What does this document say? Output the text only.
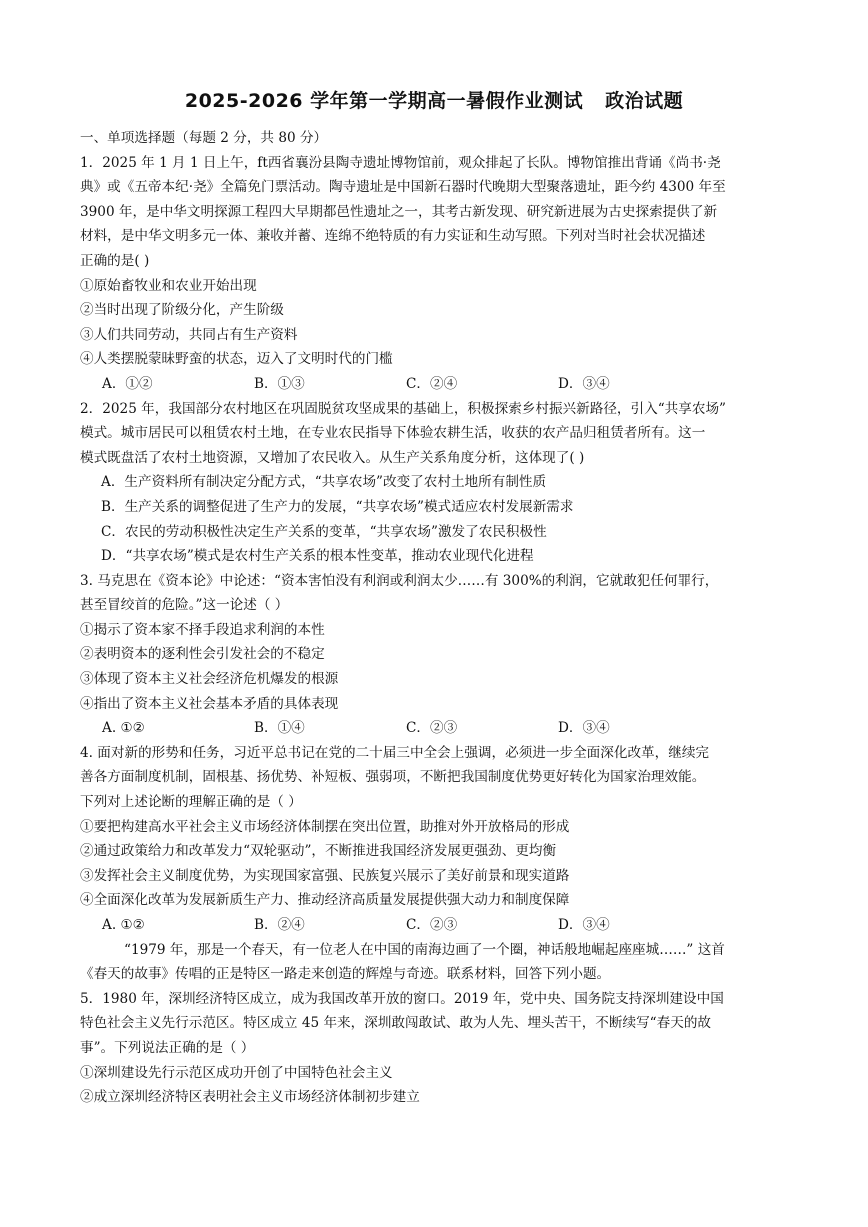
2025-2026 学年第一学期高一暑假作业测试 政治试题
一、单项选择题（每题 2 分，共 80 分）
1．2025 年 1 月 1 日上午，ft西省襄汾县陶寺遗址博物馆前，观众排起了长队。博物馆推出背诵《尚书·尧
典》或《五帝本纪·尧》全篇免门票活动。陶寺遗址是中国新石器时代晚期大型聚落遗址，距今约 4300 年至
3900 年，是中华文明探源工程四大早期都邑性遗址之一，其考古新发现、研究新进展为古史探索提供了新
材料，是中华文明多元一体、兼收并蓄、连绵不绝特质的有力实证和生动写照。下列对当时社会状况描述
正确的是( )
①原始畜牧业和农业开始出现
②当时出现了阶级分化，产生阶级
③人们共同劳动，共同占有生产资料
④人类摆脱蒙昧野蛮的状态，迈入了文明时代的门槛
A．①②	B．①③	C．②④	D．③④
2．2025 年，我国部分农村地区在巩固脱贫攻坚成果的基础上，积极探索乡村振兴新路径，引入“共享农场”
模式。城市居民可以租赁农村土地，在专业农民指导下体验农耕生活，收获的农产品归租赁者所有。这一
模式既盘活了农村土地资源，又增加了农民收入。从生产关系角度分析，这体现了( )
A．生产资料所有制决定分配方式，“共享农场”改变了农村土地所有制性质
B．生产关系的调整促进了生产力的发展，“共享农场”模式适应农村发展新需求
C．农民的劳动积极性决定生产关系的变革，“共享农场”激发了农民积极性
D．“共享农场”模式是农村生产关系的根本性变革，推动农业现代化进程
3. 马克思在《资本论》中论述：“资本害怕没有利润或利润太少……有 300%的利润，它就敢犯任何罪行，
甚至冒绞首的危险。”这一论述（ ）
①揭示了资本家不择手段追求利润的本性
②表明资本的逐利性会引发社会的不稳定
③体现了资本主义社会经济危机爆发的根源
④指出了资本主义社会基本矛盾的具体表现
A. ①②	B．①④	C．②③	D．③④
4. 面对新的形势和任务，习近平总书记在党的二十届三中全会上强调，必须进一步全面深化改革，继续完
善各方面制度机制，固根基、扬优势、补短板、强弱项，不断把我国制度优势更好转化为国家治理效能。
下列对上述论断的理解正确的是（ ）
①要把构建高水平社会主义市场经济体制摆在突出位置，助推对外开放格局的形成
②通过政策给力和改革发力“双轮驱动”，不断推进我国经济发展更强劲、更均衡
③发挥社会主义制度优势，为实现国家富强、民族复兴展示了美好前景和现实道路
④全面深化改革为发展新质生产力、推动经济高质量发展提供强大动力和制度保障
A. ①②	B．②④	C．②③	D．③④
“1979 年，那是一个春天，有一位老人在中国的南海边画了一个圈，神话般地崛起座座城……” 这首
《春天的故事》传唱的正是特区一路走来创造的辉煌与奇迹。联系材料，回答下列小题。
5．1980 年，深圳经济特区成立，成为我国改革开放的窗口。2019 年，党中央、国务院支持深圳建设中国
特色社会主义先行示范区。特区成立 45 年来，深圳敢闯敢试、敢为人先、埋头苦干，不断续写“春天的故
事”。下列说法正确的是（ ）
①深圳建设先行示范区成功开创了中国特色社会主义
②成立深圳经济特区表明社会主义市场经济体制初步建立
